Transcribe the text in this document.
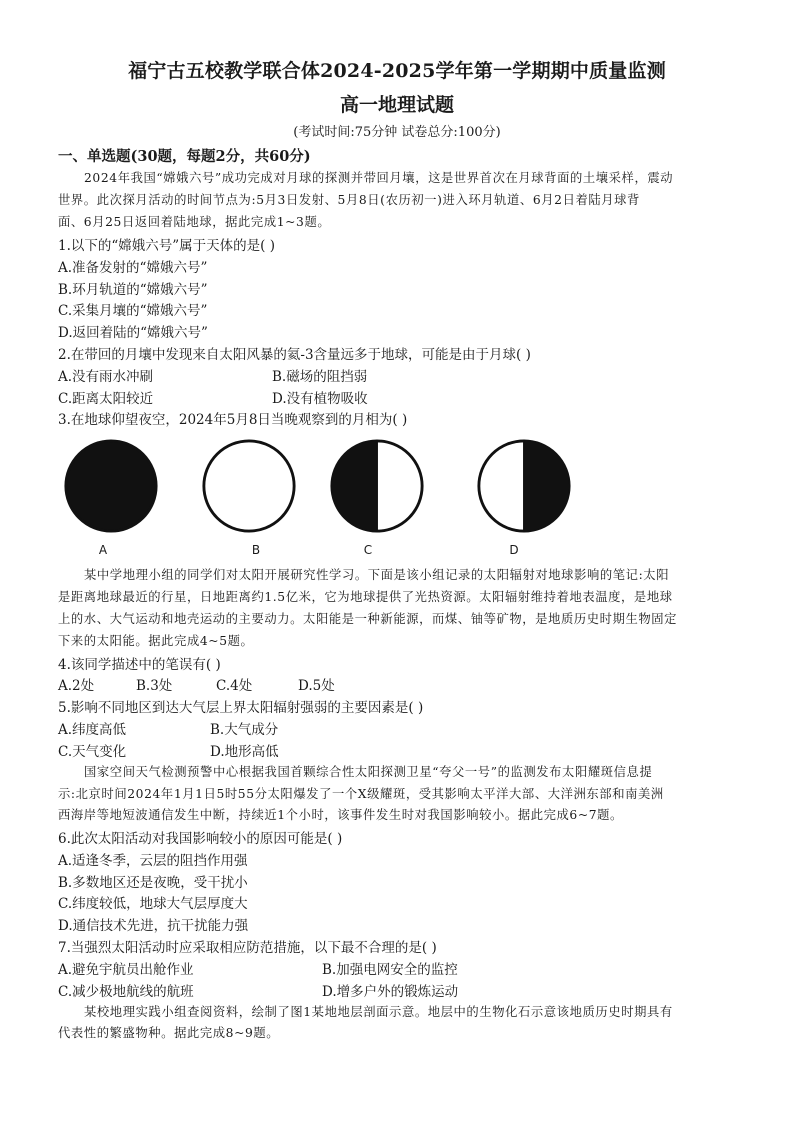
福宁古五校教学联合体2024-2025学年第一学期期中质量监测
高一地理试题
(考试时间:75分钟 试卷总分:100分)
一、单选题(30题，每题2分，共60分)
2024年我国“嫦娥六号”成功完成对月球的探测并带回月壤，这是世界首次在月球背面的土壤采样，震动
世界。此次探月活动的时间节点为:5月3日发射、5月8日(农历初一)进入环月轨道、6月2日着陆月球背
面、6月25日返回着陆地球，据此完成1~3题。
1.以下的“嫦娥六号”属于天体的是( )
A.准备发射的“嫦娥六号”
B.环月轨道的“嫦娥六号”
C.采集月壤的“嫦娥六号”
D.返回着陆的“嫦娥六号”
2.在带回的月壤中发现来自太阳风暴的氦-3含量远多于地球，可能是由于月球( )
A.没有雨水冲刷	B.磁场的阻挡弱
C.距离太阳较近	D.没有植物吸收
3.在地球仰望夜空，2024年5月8日当晚观察到的月相为( )
A	B	C	D
某中学地理小组的同学们对太阳开展研究性学习。下面是该小组记录的太阳辐射对地球影响的笔记:太阳
是距离地球最近的行星，日地距离约1.5亿米，它为地球提供了光热资源。太阳辐射维持着地表温度，是地球
上的水、大气运动和地壳运动的主要动力。太阳能是一种新能源，而煤、铀等矿物，是地质历史时期生物固定
下来的太阳能。据此完成4~5题。
4.该同学描述中的笔误有( )
A.2处	B.3处	C.4处	D.5处
5.影响不同地区到达大气层上界太阳辐射强弱的主要因素是( )
A.纬度高低	B.大气成分
C.天气变化	D.地形高低
国家空间天气检测预警中心根据我国首颗综合性太阳探测卫星“夸父一号”的监测发布太阳耀斑信息提
示:北京时间2024年1月1日5时55分太阳爆发了一个X级耀斑，受其影响太平洋大部、大洋洲东部和南美洲
西海岸等地短波通信发生中断，持续近1个小时，该事件发生时对我国影响较小。据此完成6~7题。
6.此次太阳活动对我国影响较小的原因可能是( )
A.适逢冬季，云层的阻挡作用强
B.多数地区还是夜晚，受干扰小
C.纬度较低，地球大气层厚度大
D.通信技术先进，抗干扰能力强
7.当强烈太阳活动时应采取相应防范措施，以下最不合理的是( )
A.避免宇航员出舱作业	B.加强电网安全的监控
C.减少极地航线的航班	D.增多户外的锻炼运动
某校地理实践小组查阅资料，绘制了图1某地地层剖面示意。地层中的生物化石示意该地质历史时期具有
代表性的繁盛物种。据此完成8~9题。
